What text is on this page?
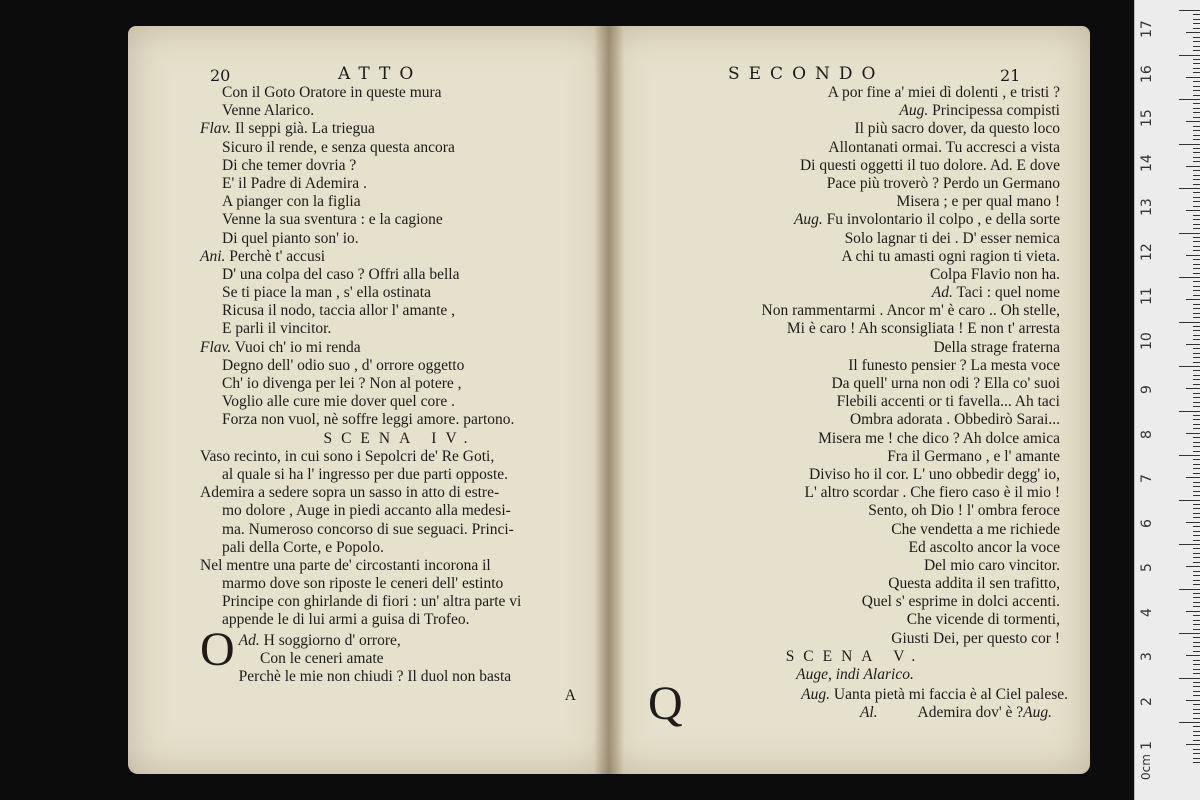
20	ATTO
Con il Goto Oratore in queste mura
Venne Alarico.
Flav. Il seppi già. La triegua
Sicuro il rende, e senza questa ancora
Di che temer dovria ?
E' il Padre di Ademira .
A pianger con la figlia
Venne la sua sventura : e la cagione
Di quel pianto son' io.
Ani. Perchè t' accusi
D' una colpa del caso ? Offri alla bella
Se ti piace la man , s' ella ostinata
Ricusa il nodo, taccia allor l' amante ,
E parli il vincitor.
Flav. Vuoi ch' io mi renda
Degno dell' odio suo , d' orrore oggetto
Ch' io divenga per lei ? Non al potere ,
Voglio alle cure mie dover quel core .
Forza non vuol, nè soffre leggi amore. partono.
SCENA IV.
Vaso recinto, in cui sono i Sepolcri de' Re Goti,
al quale si ha l' ingresso per due parti opposte.
Ademira a sedere sopra un sasso in atto di estre-
mo dolore , Auge in piedi accanto alla medesi-
ma. Numeroso concorso di sue seguaci. Princi-
pali della Corte, e Popolo.
Nel mentre una parte de' circostanti incorona il
marmo dove son riposte le ceneri dell' estinto
Principe con ghirlande di fiori : un' altra parte vi
appende le di lui armi a guisa di Trofeo.
Ad.
O H soggiorno d' orrore,
Con le ceneri amate
Perchè le mie non chiudi ? Il duol non basta
A
SECONDO	21
A por fine a' miei dì dolenti , e tristi ?
Aug. Principessa compisti
Il più sacro dover, da questo loco
Allontanati ormai. Tu accresci a vista
Di questi oggetti il tuo dolore. Ad. E dove
Pace più troverò ? Perdo un Germano
Misera ; e per qual mano !
Aug. Fu involontario il colpo , e della sorte
Solo lagnar ti dei . D' esser nemica
A chi tu amasti ogni ragion ti vieta.
Colpa Flavio non ha.
Ad. Taci : quel nome
Non rammentarmi . Ancor m' è caro .. Oh stelle,
Mi è caro ! Ah sconsigliata ! E non t' arresta
Della strage fraterna
Il funesto pensier ? La mesta voce
Da quell' urna non odi ? Ella co' suoi
Flebili accenti or ti favella... Ah taci
Ombra adorata . Obbedirò Sarai...
Misera me ! che dico ? Ah dolce amica
Fra il Germano , e l' amante
Diviso ho il cor. L' uno obbedir degg' io,
L' altro scordar . Che fiero caso è il mio !
Sento, oh Dio ! l' ombra feroce
Che vendetta a me richiede
Ed ascolto ancor la voce
Del mio caro vincitor.
Questa addita il sen trafitto,
Quel s' esprime in dolci accenti.
Che vicende di tormenti,
Giusti Dei, per questo cor !
SCENA V.
Auge, indi Alarico.
Aug.
Q	Uanta pietà mi faccia è al Ciel palese.
Al.	Ademira dov' è ? Aug.
0cm
17
16
15
14
13
12
11
10
9
8
7
6
5
4
3
2
1
